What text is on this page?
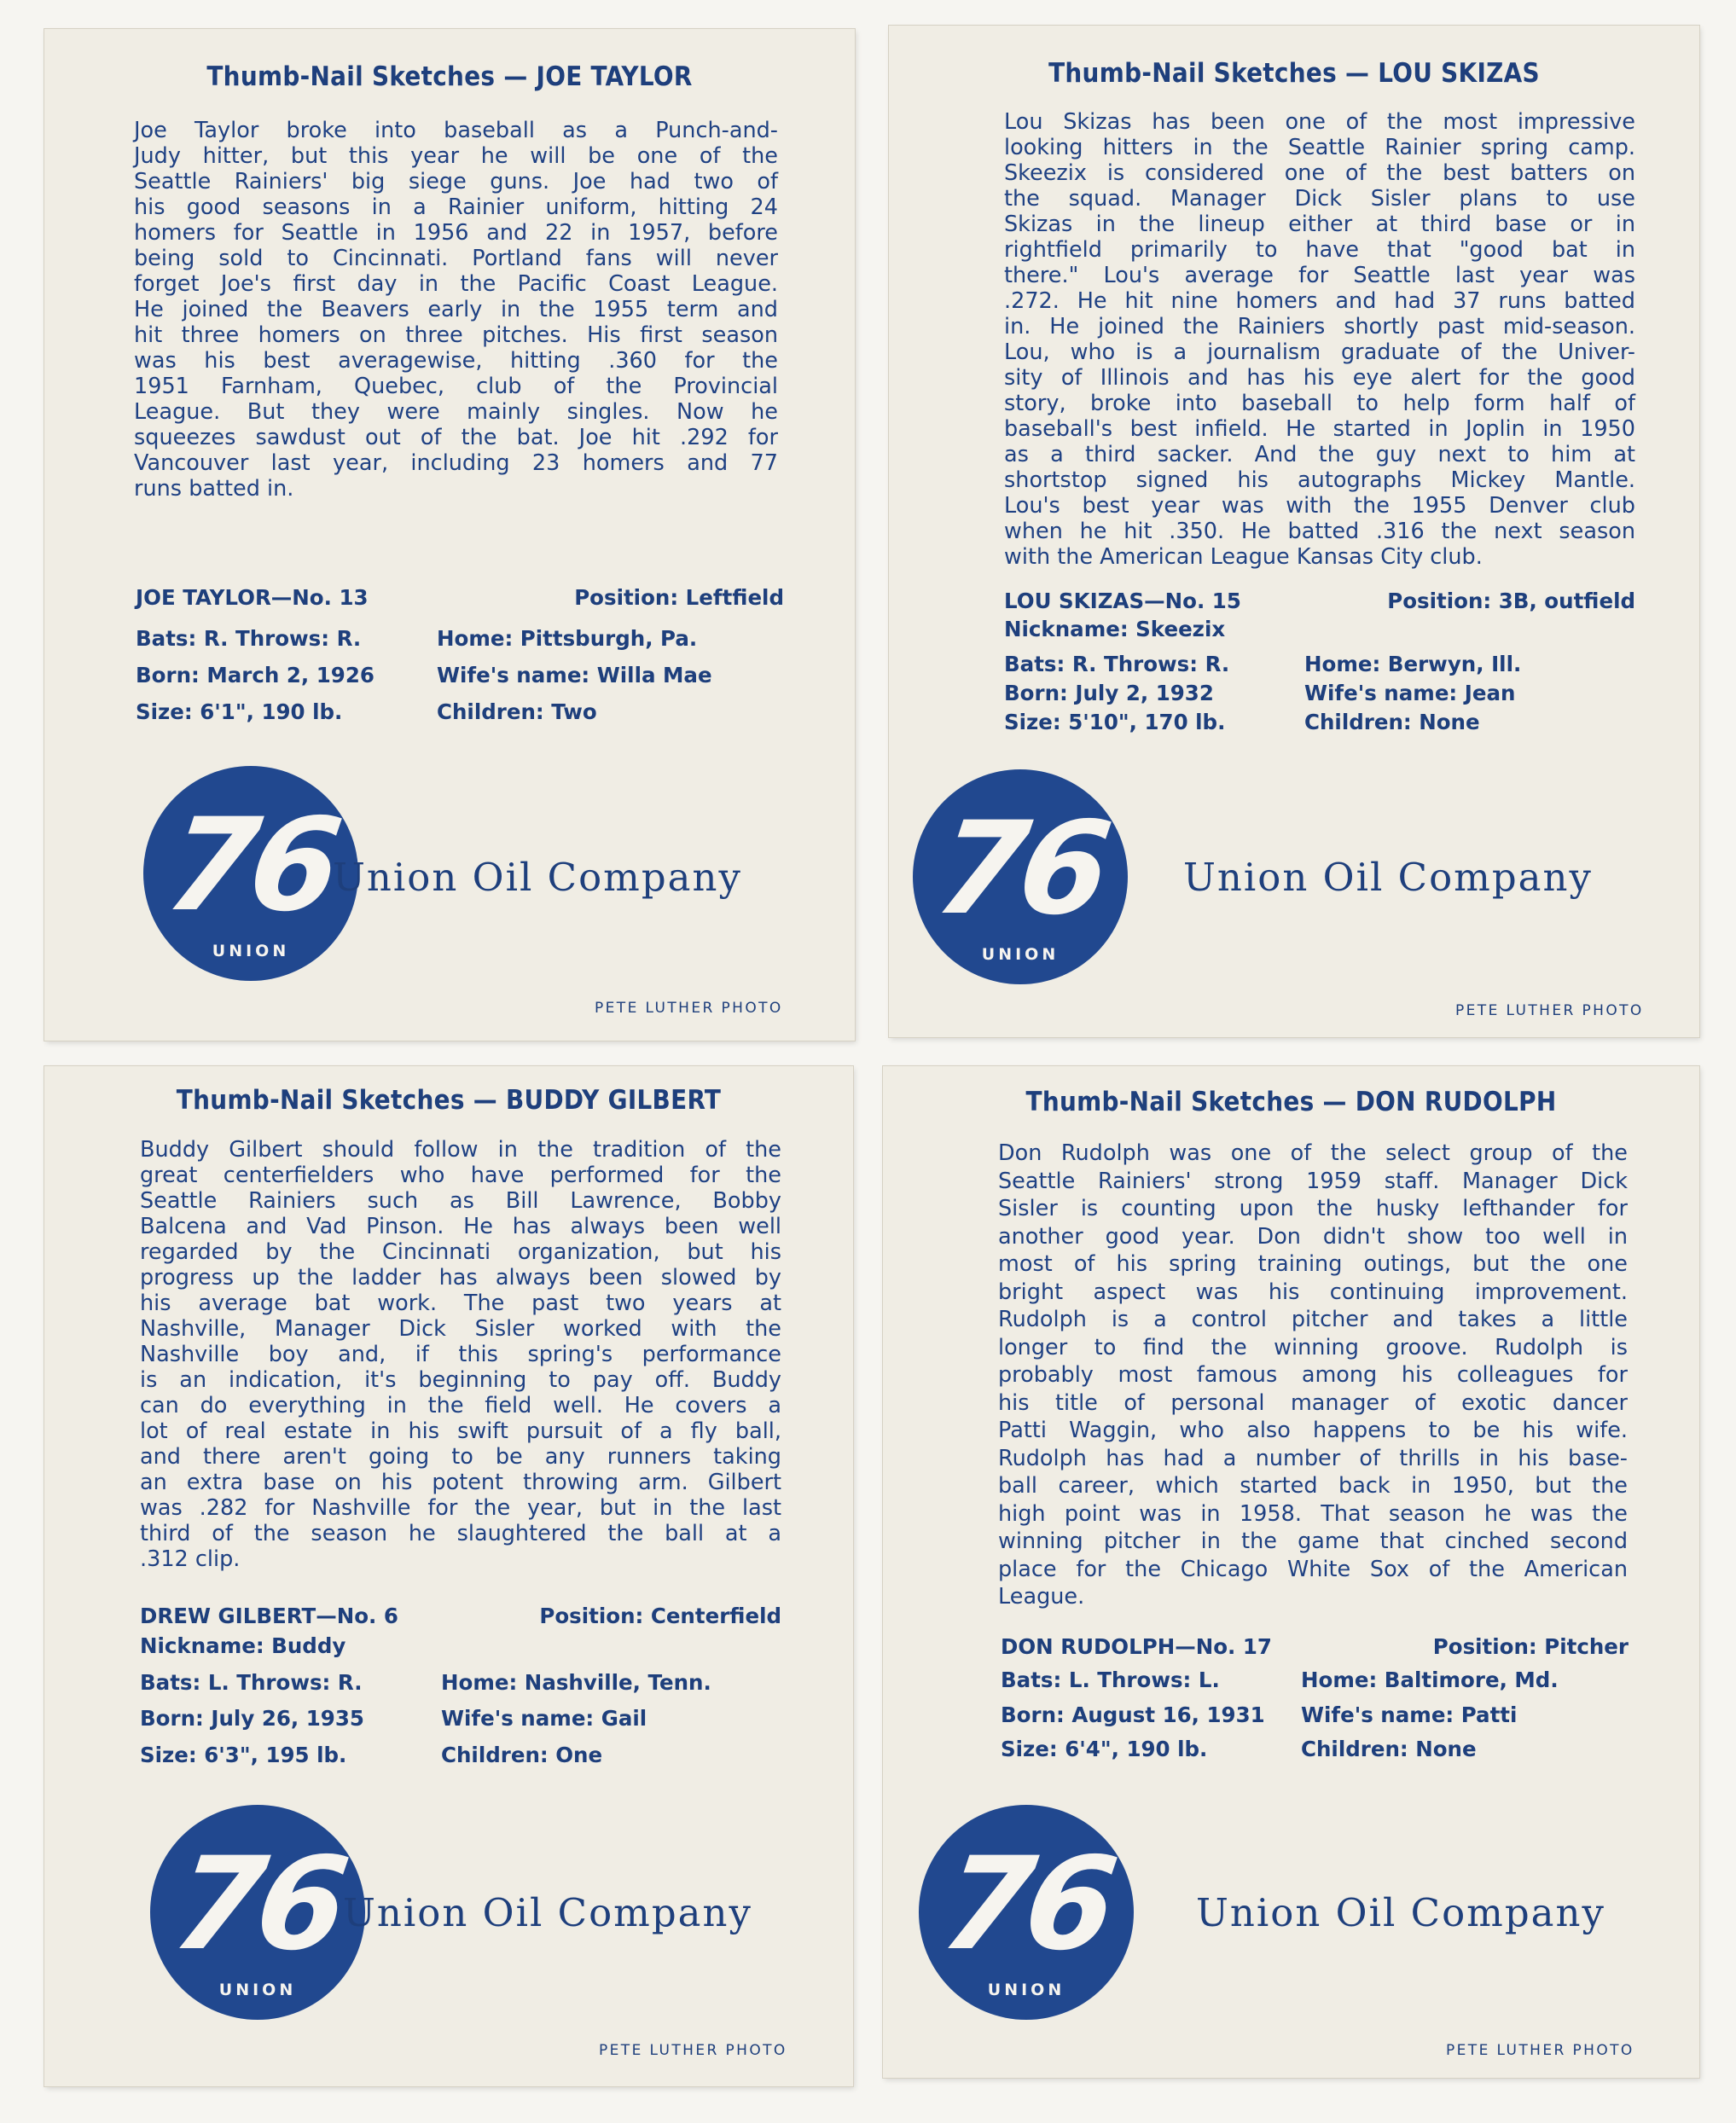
Thumb-Nail Sketches — JOE TAYLOR
Joe Taylor broke into baseball as a Punch-and-
Judy hitter, but this year he will be one of the
Seattle Rainiers' big siege guns. Joe had two of
his good seasons in a Rainier uniform, hitting 24
homers for Seattle in 1956 and 22 in 1957, before
being sold to Cincinnati. Portland fans will never
forget Joe's first day in the Pacific Coast League.
He joined the Beavers early in the 1955 term and
hit three homers on three pitches. His first season
was his best averagewise, hitting .360 for the
1951 Farnham, Quebec, club of the Provincial
League. But they were mainly singles. Now he
squeezes sawdust out of the bat. Joe hit .292 for
Vancouver last year, including 23 homers and 77
runs batted in.
JOE TAYLOR—No. 13	Position: Leftfield
Bats: R. Throws: R.	Home: Pittsburgh, Pa.
Born: March 2, 1926	Wife's name: Willa Mae
Size: 6'1", 190 lb.	Children: Two
76
UNION
Union Oil Company
PETE LUTHER PHOTO
Thumb-Nail Sketches — LOU SKIZAS
Lou Skizas has been one of the most impressive
looking hitters in the Seattle Rainier spring camp.
Skeezix is considered one of the best batters on
the squad. Manager Dick Sisler plans to use
Skizas in the lineup either at third base or in
rightfield primarily to have that "good bat in
there." Lou's average for Seattle last year was
.272. He hit nine homers and had 37 runs batted
in. He joined the Rainiers shortly past mid-season.
Lou, who is a journalism graduate of the Univer-
sity of Illinois and has his eye alert for the good
story, broke into baseball to help form half of
baseball's best infield. He started in Joplin in 1950
as a third sacker. And the guy next to him at
shortstop signed his autographs Mickey Mantle.
Lou's best year was with the 1955 Denver club
when he hit .350. He batted .316 the next season
with the American League Kansas City club.
LOU SKIZAS—No. 15	Position: 3B, outfield
Nickname: Skeezix
Bats: R. Throws: R.	Home: Berwyn, Ill.
Born: July 2, 1932	Wife's name: Jean
Size: 5'10", 170 lb.	Children: None
76
UNION
Union Oil Company
PETE LUTHER PHOTO
Thumb-Nail Sketches — BUDDY GILBERT
Buddy Gilbert should follow in the tradition of the
great centerfielders who have performed for the
Seattle Rainiers such as Bill Lawrence, Bobby
Balcena and Vad Pinson. He has always been well
regarded by the Cincinnati organization, but his
progress up the ladder has always been slowed by
his average bat work. The past two years at
Nashville, Manager Dick Sisler worked with the
Nashville boy and, if this spring's performance
is an indication, it's beginning to pay off. Buddy
can do everything in the field well. He covers a
lot of real estate in his swift pursuit of a fly ball,
and there aren't going to be any runners taking
an extra base on his potent throwing arm. Gilbert
was .282 for Nashville for the year, but in the last
third of the season he slaughtered the ball at a
.312 clip.
DREW GILBERT—No. 6	Position: Centerfield
Nickname: Buddy
Bats: L. Throws: R.	Home: Nashville, Tenn.
Born: July 26, 1935	Wife's name: Gail
Size: 6'3", 195 lb.	Children: One
76
UNION
Union Oil Company
PETE LUTHER PHOTO
Thumb-Nail Sketches — DON RUDOLPH
Don Rudolph was one of the select group of the
Seattle Rainiers' strong 1959 staff. Manager Dick
Sisler is counting upon the husky lefthander for
another good year. Don didn't show too well in
most of his spring training outings, but the one
bright aspect was his continuing improvement.
Rudolph is a control pitcher and takes a little
longer to find the winning groove. Rudolph is
probably most famous among his colleagues for
his title of personal manager of exotic dancer
Patti Waggin, who also happens to be his wife.
Rudolph has had a number of thrills in his base-
ball career, which started back in 1950, but the
high point was in 1958. That season he was the
winning pitcher in the game that cinched second
place for the Chicago White Sox of the American
League.
DON RUDOLPH—No. 17	Position: Pitcher
Bats: L. Throws: L.	Home: Baltimore, Md.
Born: August 16, 1931 Wife's name: Patti
Size: 6'4", 190 lb.	Children: None
76
UNION
Union Oil Company
PETE LUTHER PHOTO
